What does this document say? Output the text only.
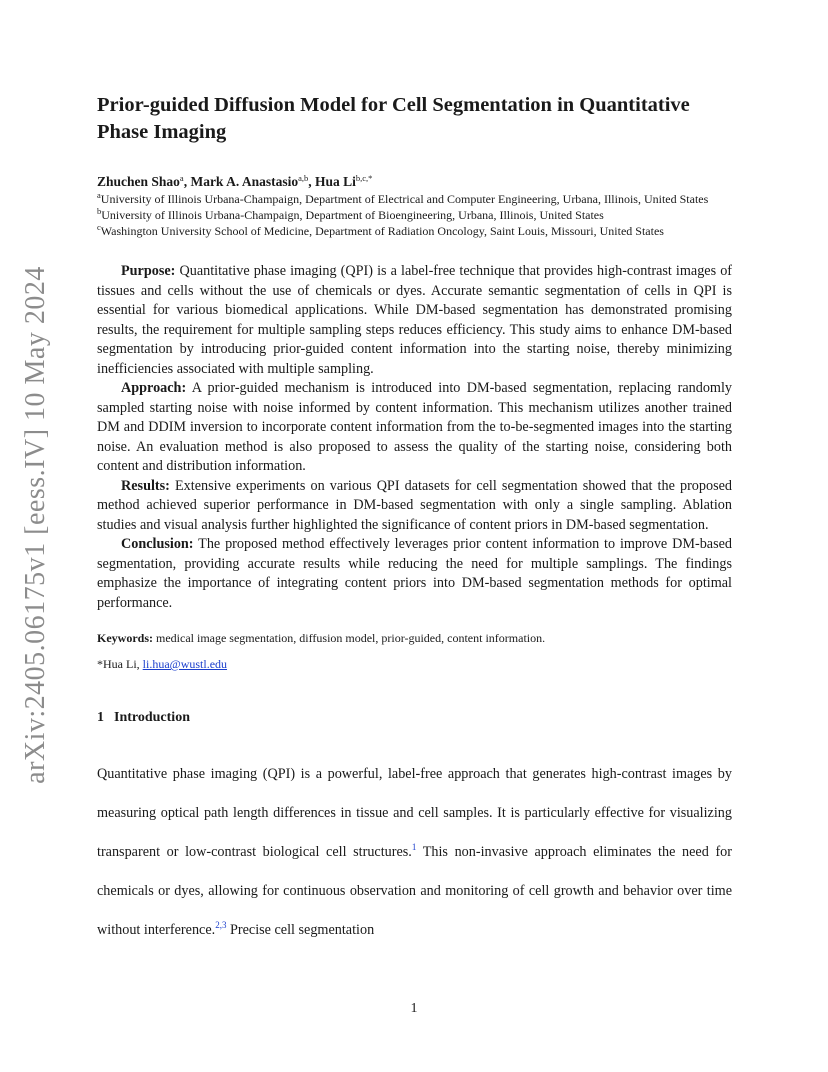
arXiv:2405.06175v1 [eess.IV] 10 May 2024
Prior-guided Diffusion Model for Cell Segmentation in Quantitative Phase Imaging
Zhuchen Shao$^a$, Mark A. Anastasio$^{a,b}$, Hua $Li^{b,c,*}$

$^a$University of Illinois Urbana-Champaign, Department of Electrical and Computer Engineering, Urbana, Illinois, United States

$^b$University of Illinois Urbana-Champaign, Department of Bioengineering, Urbana, Illinois, United States

$^c$Washington University School of Medicine, Department of Radiation Oncology, Saint Louis, Missouri, United States

Purpose: Quantitative phase imaging (QPI) is a label-free technique that provides high-contrast images of tissues and cells without the use of chemicals or dyes. Accurate semantic segmentation of cells in QPI is essential for various biomedical applications. While DM-based segmentation has demonstrated promising results, the requirement for multiple sampling steps reduces efficiency. This study aims to enhance DM-based segmentation by introducing prior-guided content information into the starting noise, thereby minimizing inefficiencies associated with multiple sampling.

Approach: A prior-guided mechanism is introduced into DM-based segmentation, replacing randomly sampled starting noise with noise informed by content information. This mechanism utilizes another trained DM and DDIM inversion to incorporate content information from the to-be-segmented images into the starting noise. An evaluation method is also proposed to assess the quality of the starting noise, considering both content and distribution information.

Results: Extensive experiments on various QPI datasets for cell segmentation showed that the proposed method achieved superior performance in DM-based segmentation with only a single sampling. Ablation studies and visual analysis further highlighted the significance of content priors in DM-based segmentation.

Conclusion: The proposed method effectively leverages prior content information to improve DM-based segmentation, providing accurate results while reducing the need for multiple samplings. The findings emphasize the importance of integrating content priors into DM-based segmentation methods for optimal performance.

Keywords: medical image segmentation, diffusion model, prior-guided, content information.
*Hua Li, li.hua@wustl.edu
1 Introduction
Quantitative phase imaging (QPI) is a powerful, label-free approach that generates high-contrast images by measuring optical path length differences in tissue and cell samples. It is particularly effective for visualizing transparent or low-contrast biological cell structures.$^1$ This non-invasive approach eliminates the need for chemicals or dyes, allowing for continuous observation and monitoring of cell growth and behavior over time without interference.$^{2,3}$ Precise cell segmentation
1
